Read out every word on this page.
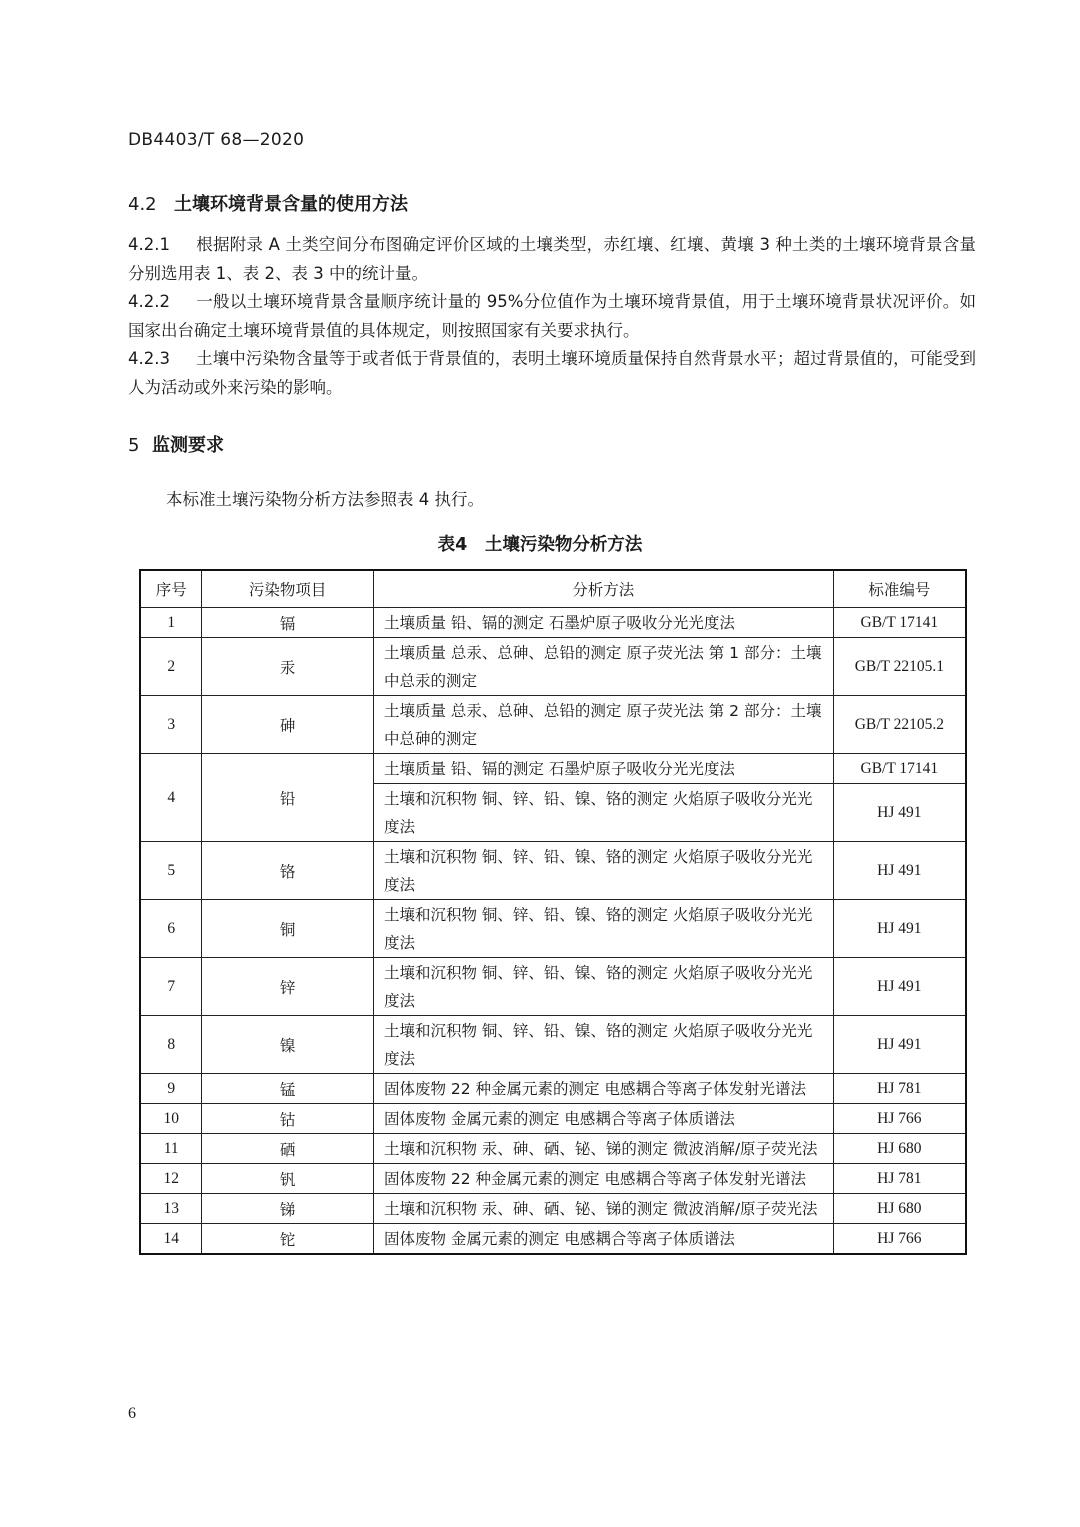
DB4403/T 68—2020
4.2 土壤环境背景含量的使用方法
4.2.1 根据附录 A 土类空间分布图确定评价区域的土壤类型，赤红壤、红壤、黄壤 3 种土类的土壤环境背景含量分别选用表 1、表 2、表 3 中的统计量。
4.2.2 一般以土壤环境背景含量顺序统计量的 95%分位值作为土壤环境背景值，用于土壤环境背景状况评价。如国家出台确定土壤环境背景值的具体规定，则按照国家有关要求执行。
4.2.3 土壤中污染物含量等于或者低于背景值的，表明土壤环境质量保持自然背景水平；超过背景值的，可能受到人为活动或外来污染的影响。
5 监测要求
本标准土壤污染物分析方法参照表 4 执行。
表4　土壤污染物分析方法
序号	污染物项目	分析方法	标准编号
1	镉	土壤质量 铅、镉的测定 石墨炉原子吸收分光光度法	GB/T 17141
2	汞	土壤质量 总汞、总砷、总铅的测定 原子荧光法 第 1 部分：土壤中总汞的测定	GB/T 22105.1
3	砷	土壤质量 总汞、总砷、总铅的测定 原子荧光法 第 2 部分：土壤中总砷的测定	GB/T 22105.2
4	铅	土壤质量 铅、镉的测定 石墨炉原子吸收分光光度法	GB/T 17141
		土壤和沉积物 铜、锌、铅、镍、铬的测定 火焰原子吸收分光光度法	HJ 491
5	铬	土壤和沉积物 铜、锌、铅、镍、铬的测定 火焰原子吸收分光光度法	HJ 491
6	铜	土壤和沉积物 铜、锌、铅、镍、铬的测定 火焰原子吸收分光光度法	HJ 491
7	锌	土壤和沉积物 铜、锌、铅、镍、铬的测定 火焰原子吸收分光光度法	HJ 491
8	镍	土壤和沉积物 铜、锌、铅、镍、铬的测定 火焰原子吸收分光光度法	HJ 491
9	锰	固体废物 22 种金属元素的测定 电感耦合等离子体发射光谱法	HJ 781
10	钴	固体废物 金属元素的测定 电感耦合等离子体质谱法	HJ 766
11	硒	土壤和沉积物 汞、砷、硒、铋、锑的测定 微波消解/原子荧光法	HJ 680
12	钒	固体废物 22 种金属元素的测定 电感耦合等离子体发射光谱法	HJ 781
13	锑	土壤和沉积物 汞、砷、硒、铋、锑的测定 微波消解/原子荧光法	HJ 680
14	铊	固体废物 金属元素的测定 电感耦合等离子体质谱法	HJ 766
6
